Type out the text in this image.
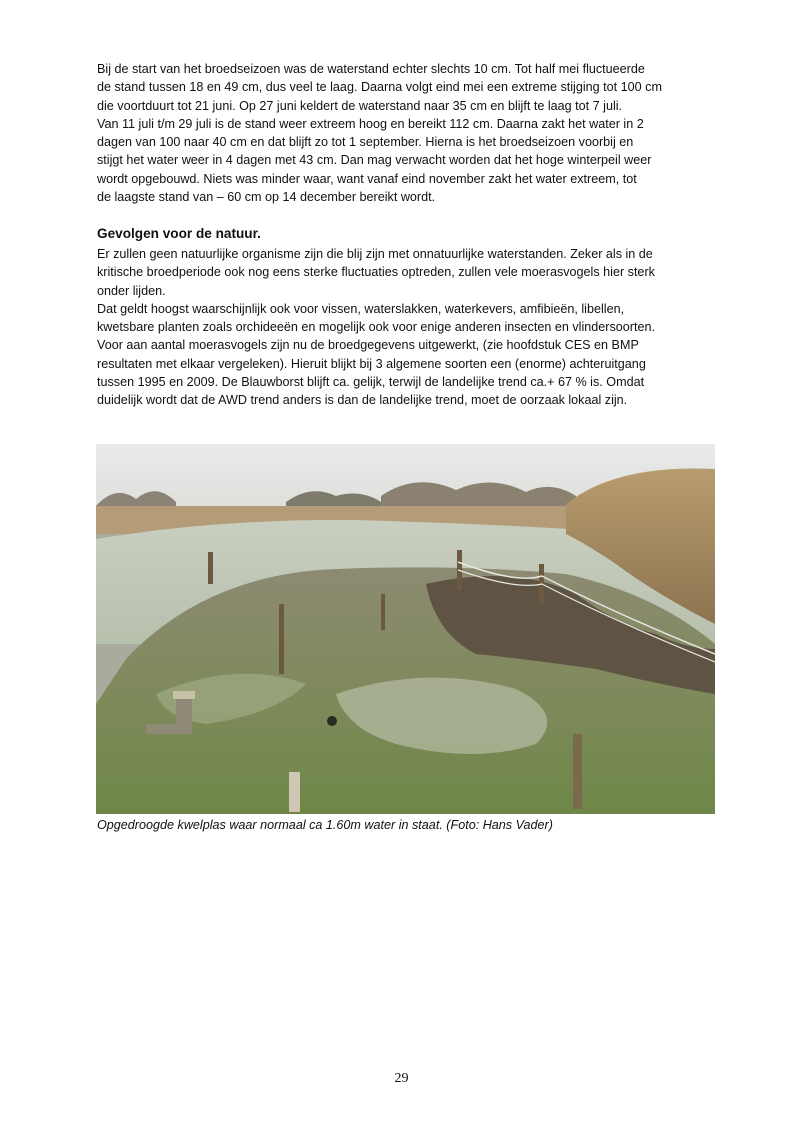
Bij de start van het broedseizoen was de waterstand echter slechts 10 cm. Tot half mei fluctueerde
de stand tussen 18 en 49 cm, dus veel te laag. Daarna volgt eind mei een extreme stijging tot 100 cm
die voortduurt tot 21 juni. Op 27 juni keldert de waterstand naar 35 cm en blijft te laag tot 7 juli.
Van 11 juli t/m 29 juli is de stand weer extreem hoog en bereikt 112 cm. Daarna zakt het water in 2
dagen van 100 naar 40 cm en dat blijft zo tot 1 september. Hierna is het broedseizoen voorbij en
stijgt het water weer in 4 dagen met 43 cm. Dan mag verwacht worden dat het hoge winterpeil weer
wordt opgebouwd. Niets was minder waar, want vanaf eind november zakt het water extreem, tot
de laagste stand van – 60 cm op 14 december bereikt wordt.

Gevolgen voor de natuur.

Er zullen geen natuurlijke organisme zijn die blij zijn met onnatuurlijke waterstanden. Zeker als in de
kritische broedperiode ook nog eens sterke fluctuaties optreden, zullen vele moerasvogels hier sterk
onder lijden.
Dat geldt hoogst waarschijnlijk ook voor vissen, waterslakken, waterkevers, amfibieën, libellen,
kwetsbare planten zoals orchideeën en mogelijk ook voor enige anderen insecten en vlindersoorten.
Voor aan aantal moerasvogels zijn nu de broedgegevens uitgewerkt, (zie hoofdstuk CES en BMP
resultaten met elkaar vergeleken). Hieruit blijkt bij 3 algemene soorten een (enorme) achteruitgang
tussen 1995 en 2009. De Blauwborst blijft ca. gelijk, terwijl de landelijke trend ca.+ 67 % is. Omdat
duidelijk wordt dat de AWD trend anders is dan de landelijke trend, moet de oorzaak lokaal zijn.

Opgedroogde kwelplas waar normaal ca 1.60m water in staat. (Foto: Hans Vader)

29
